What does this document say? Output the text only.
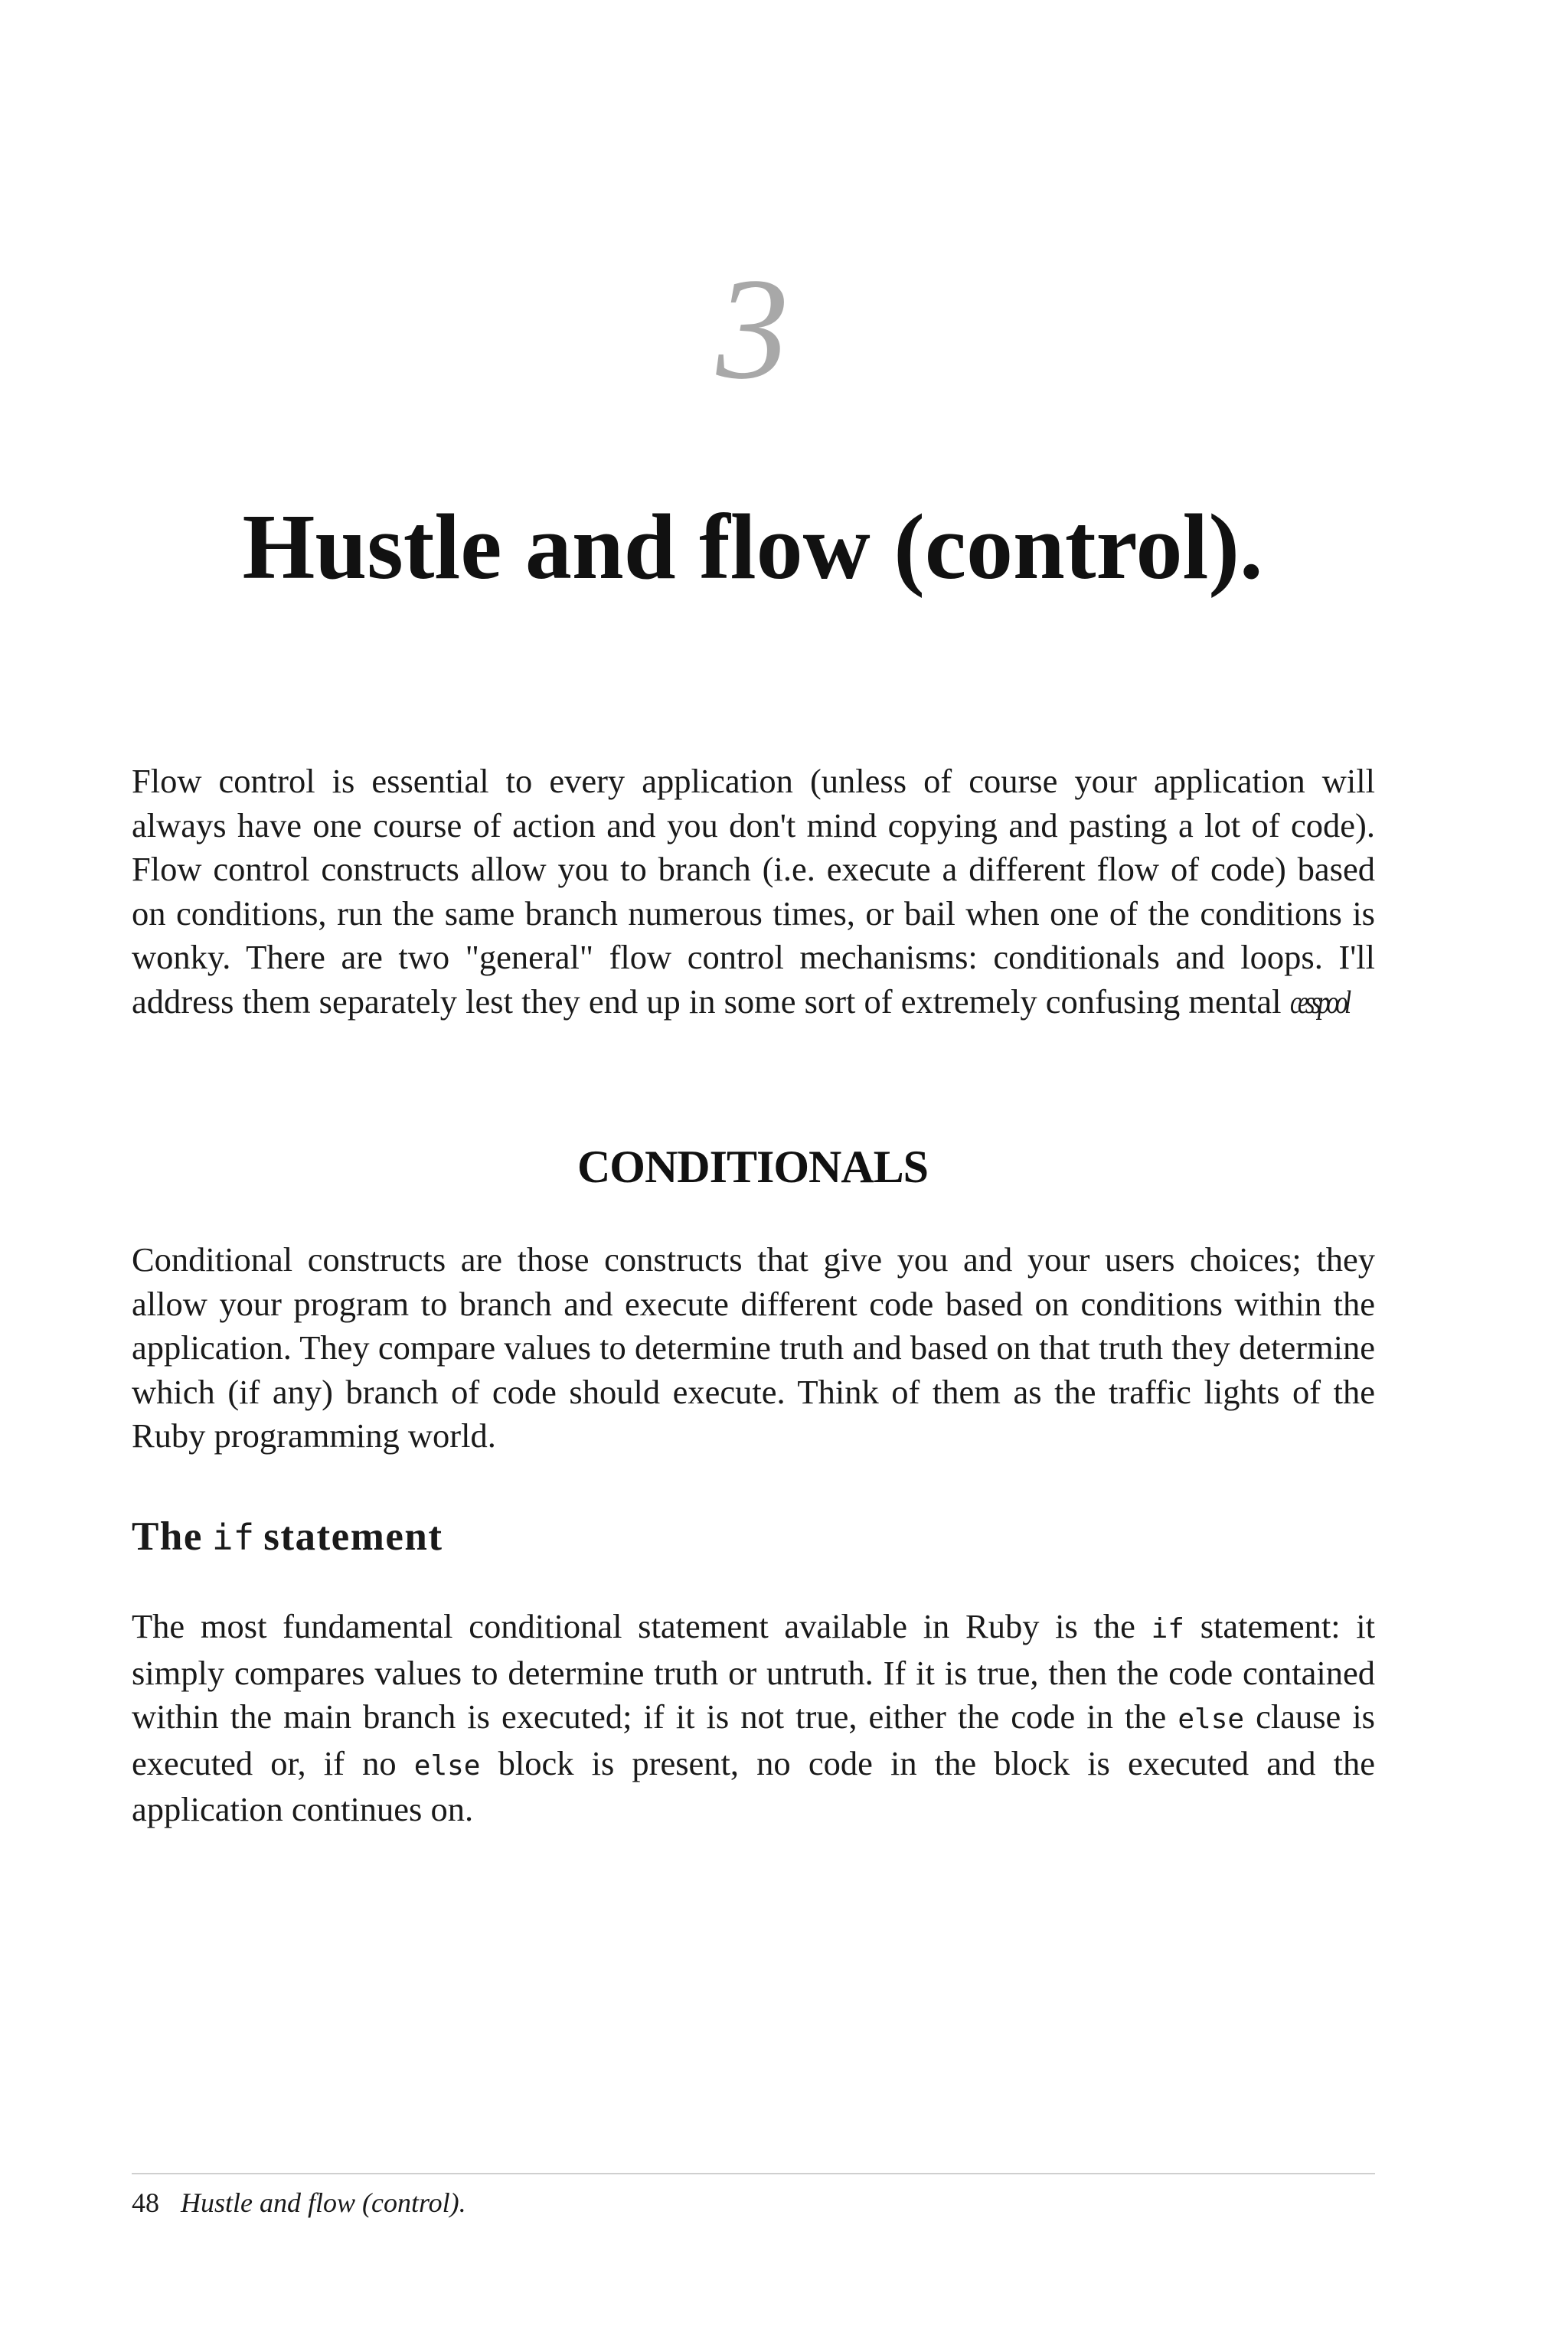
3
Hustle and flow (control).

Flow control is essential to every application (unless of course your application will always have one course of action and you don't mind copying and pasting a lot of code). Flow control constructs allow you to branch (i.e. execute a different flow of code) based on conditions, run the same branch numerous times, or bail when one of the conditions is wonky. There are two "general" flow control mechanisms: conditionals and loops. I'll address them separately lest they end up in some sort of extremely confusing mental cesspool

CONDITIONALS

Conditional constructs are those constructs that give you and your users choices; they allow your program to branch and execute different code based on conditions within the application. They compare values to determine truth and based on that truth they determine which (if any) branch of code should execute. Think of them as the traffic lights of the Ruby programming world.

The if statement

The most fundamental conditional statement available in Ruby is the if statement: it simply compares values to determine truth or untruth. If it is true, then the code contained within the main branch is executed; if it is not true, either the code in the else clause is executed or, if no else block is present, no code in the block is executed and the application continues on.

48 Hustle and flow (control).
